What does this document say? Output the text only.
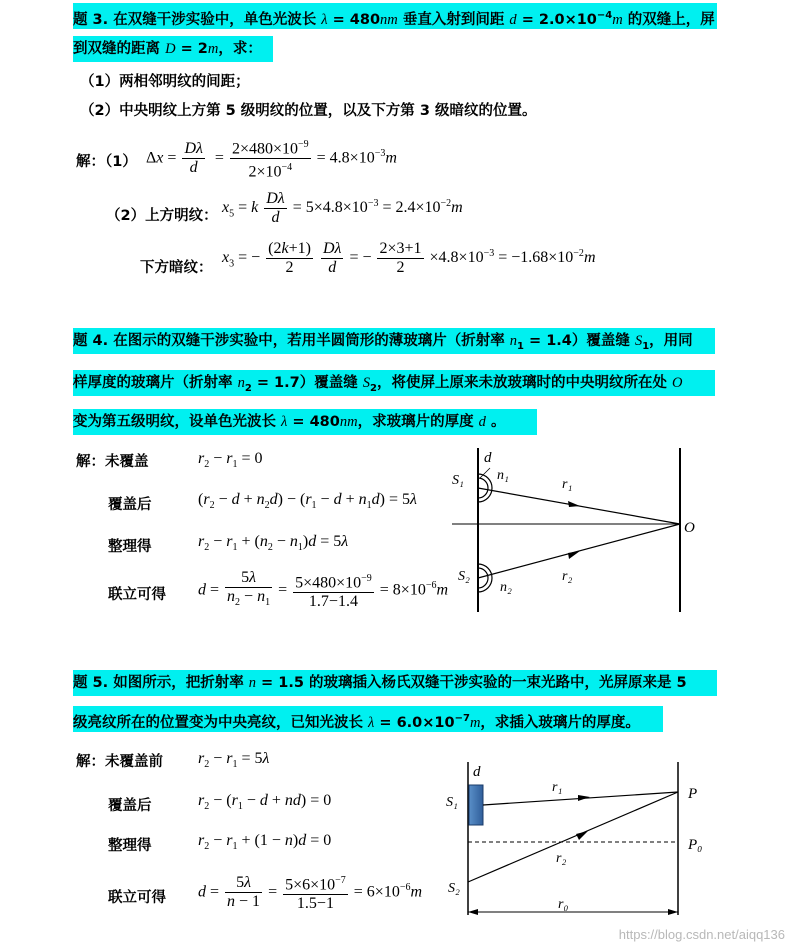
题 3. 在双缝干涉实验中，单色光波长 λ = 480nm 垂直入射到间距 $d = 2.0\times 10^{-4}m$ 的双缝上，屏
到双缝的距离 D = 2m，求：
（1）两相邻明纹的间距；
（2）中央明纹上方第 5 级明纹的位置，以及下方第 3 级暗纹的位置。
解：（1） $\Delta x = \frac{D\lambda}{d} = \frac{2\times 480\times 10^{-9}}{2\times 10^{-4}} = 4.8\times 10^{-3}m$
（2）上方明纹： $x_5 = k \frac{D\lambda}{d} = 5\times 4.8\times 10^{-3} = 2.4\times 10^{-2}m$
下方暗纹：
$x_3$ = − $\frac{(2k+1)}{2}$
$\frac{D\lambda}{d}$ = − $\frac{2\times 3+1}{2} \times 4.8\times 10^{-3} = -1.68\times 10^{-2}m$
题 4. 在图示的双缝干涉实验中，若用半圆筒形的薄玻璃片（折射率 $n_1 = 1.4$）覆盖缝 $S_1$，用同
样厚度的玻璃片（折射率 $n_2 = 1.7$）覆盖缝 $S_2$，将使屏上原来未放玻璃时的中央明纹所在处 O
变为第五级明纹，设单色光波长 λ = 480nm，求玻璃片的厚度 d 。
解：未覆盖	$r_2 - r_1 = 0$
覆盖后	$(r_2 - d + n_2d) - (r_1 - d + n_1d) = 5\lambda$
整理得	$r_2 - r_1 + (n_2 - n_1)d = 5\lambda$
联立可得 $d = \frac{5\lambda}{n_2 - n_1} = \frac{5\times 480\times 10^{-9}}{1.7-1.4} = 8\times 10^{-6}m$
d
n₁
S₁	r₁
O
r₂
S₂
n₂
题 5. 如图所示，把折射率 n = 1.5 的玻璃插入杨氏双缝干涉实验的一束光路中，光屏原来是 5
级亮纹所在的位置变为中央亮纹，已知光波长 $\lambda = 6.0\times 10^{-7}m$，求插入玻璃片的厚度。
解：未覆盖前 $r_2 - r_1 = 5\lambda$
覆盖后	$r_2 - (r_1 - d + nd) = 0$
整理得	$r_2 - r_1 + (1 - n)d = 0$
联立可得 $d = \frac{5\lambda}{n - 1} = \frac{5\times 6\times 10^{-7}}{1.5-1} = 6\times 10^{-6}m$
d
S₁
r₁	P
P₀
r₂
S₂
r₀
https://blog.csdn.net/aiqq136
